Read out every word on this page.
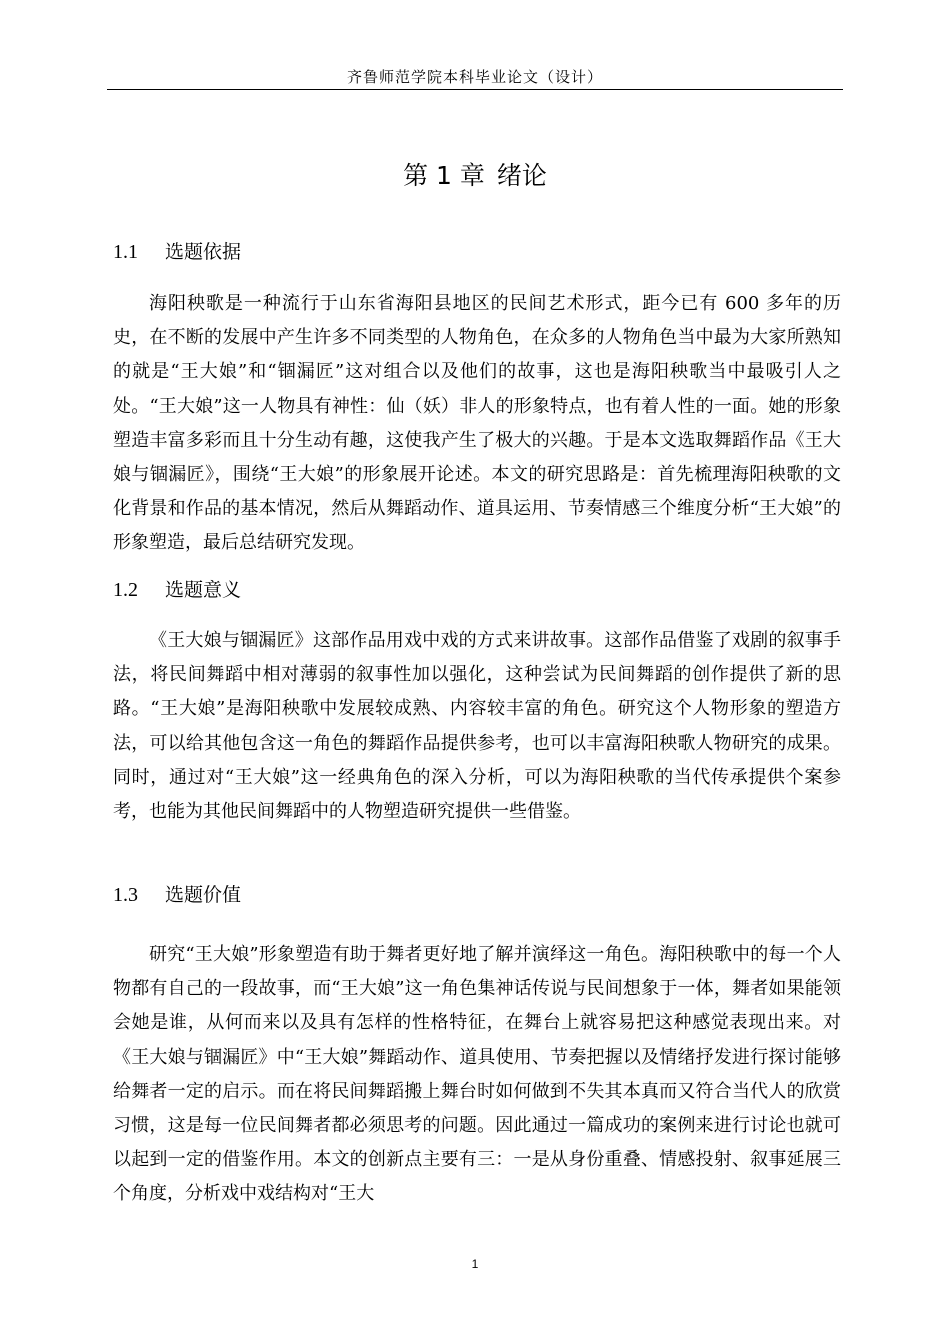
齐鲁师范学院本科毕业论文（设计）
第 1 章 绪论
1.1 选题依据

海阳秧歌是一种流行于山东省海阳县地区的民间艺术形式，距今已有 600 多年的历史，在不断的发展中产生许多不同类型的人物角色，在众多的人物角色当中最为大家所熟知的就是“王大娘”和“锢漏匠”这对组合以及他们的故事，这也是海阳秧歌当中最吸引人之处。“王大娘”这一人物具有神性：仙（妖）非人的形象特点，也有着人性的一面。她的形象塑造丰富多彩而且十分生动有趣，这使我产生了极大的兴趣。于是本文选取舞蹈作品《王大娘与锢漏匠》，围绕“王大娘”的形象展开论述。本文的研究思路是：首先梳理海阳秧歌的文化背景和作品的基本情况，然后从舞蹈动作、道具运用、节奏情感三个维度分析“王大娘”的形象塑造，最后总结研究发现。

1.2 选题意义

《王大娘与锢漏匠》这部作品用戏中戏的方式来讲故事。这部作品借鉴了戏剧的叙事手法，将民间舞蹈中相对薄弱的叙事性加以强化，这种尝试为民间舞蹈的创作提供了新的思路。“王大娘”是海阳秧歌中发展较成熟、内容较丰富的角色。研究这个人物形象的塑造方法，可以给其他包含这一角色的舞蹈作品提供参考，也可以丰富海阳秧歌人物研究的成果。同时，通过对“王大娘”这一经典角色的深入分析，可以为海阳秧歌的当代传承提供个案参考，也能为其他民间舞蹈中的人物塑造研究提供一些借鉴。

1.3 选题价值

研究“王大娘”形象塑造有助于舞者更好地了解并演绎这一角色。海阳秧歌中的每一个人物都有自己的一段故事，而“王大娘”这一角色集神话传说与民间想象于一体，舞者如果能领会她是谁，从何而来以及具有怎样的性格特征，在舞台上就容易把这种感觉表现出来。对《王大娘与锢漏匠》中“王大娘”舞蹈动作、道具使用、节奏把握以及情绪抒发进行探讨能够给舞者一定的启示。而在将民间舞蹈搬上舞台时如何做到不失其本真而又符合当代人的欣赏习惯，这是每一位民间舞者都必须思考的问题。因此通过一篇成功的案例来进行讨论也就可以起到一定的借鉴作用。本文的创新点主要有三：一是从身份重叠、情感投射、叙事延展三个角度，分析戏中戏结构对“王大

1
